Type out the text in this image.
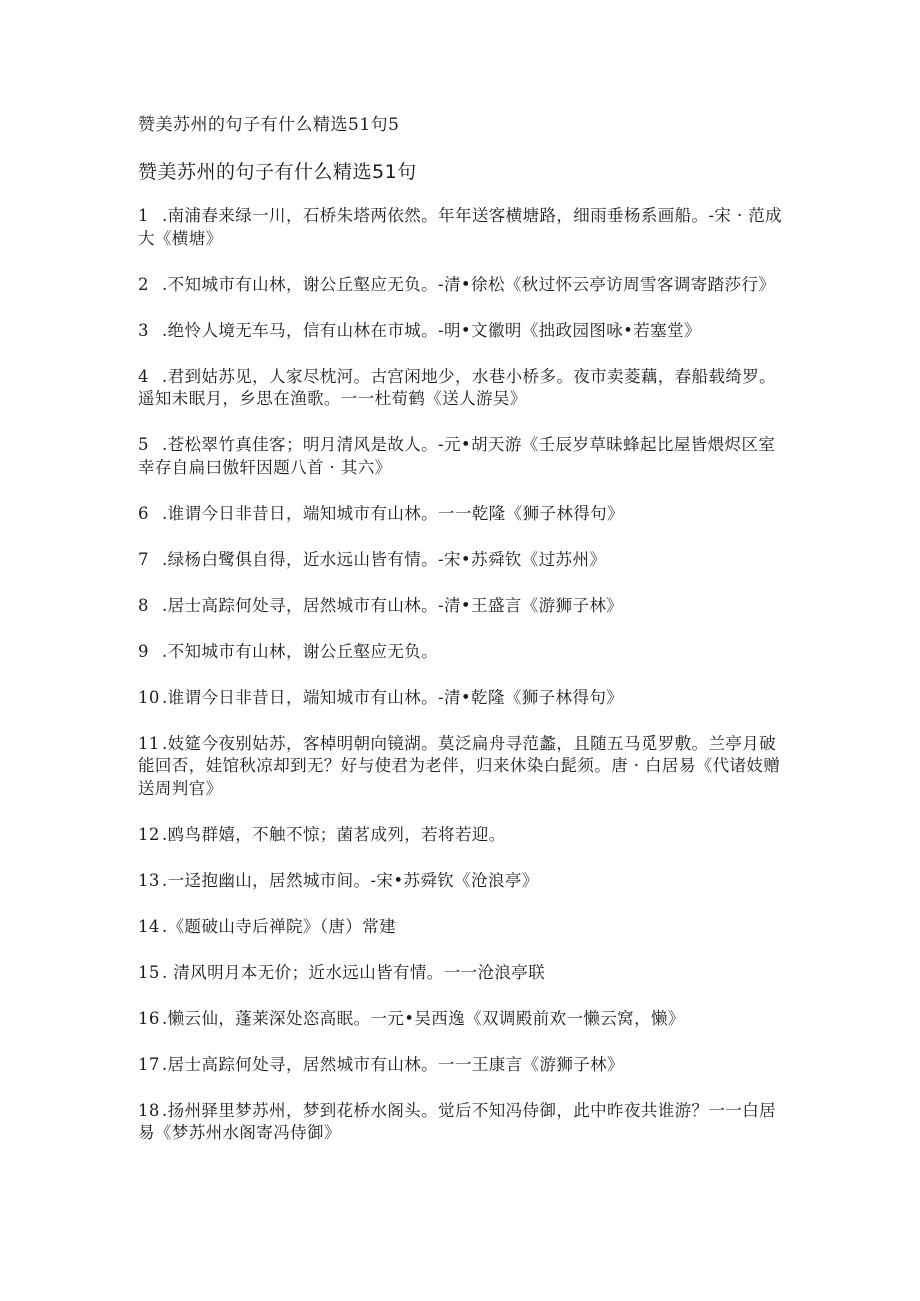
赞美苏州的句子有什么精选51句5
赞美苏州的句子有什么精选51句
1 .南浦春来绿一川，石桥朱塔两依然。年年送客横塘路，细雨垂杨系画船。-宋 · 范成大《横塘》
2 .不知城市有山林，谢公丘壑应无负。-清•徐松《秋过怀云亭访周雪客调寄踏莎行》
3 .绝怜人境无车马，信有山林在市城。-明•文徽明《拙政园图咏•若塞堂》
4 .君到姑苏见，人家尽枕河。古宫闲地少，水巷小桥多。夜市卖菱藕，春船载绮罗。遥知未眠月，乡思在渔歌。一一杜荀鹤《送人游吴》
5 .苍松翠竹真佳客；明月清风是故人。-元•胡天游《壬辰岁草昧蜂起比屋皆煨烬区室幸存自扁曰傲轩因题八首 · 其六》
6 .谁谓今日非昔日，端知城市有山林。一一乾隆《狮子林得句》
7 .绿杨白鹭俱自得，近水远山皆有情。-宋•苏舜钦《过苏州》
8 .居士高踪何处寻，居然城市有山林。-清•王盛言《游狮子林》
9 .不知城市有山林，谢公丘壑应无负。
10 .谁谓今日非昔日，端知城市有山林。-清•乾隆《狮子林得句》
11 .妓筵今夜别姑苏，客棹明朝向镜湖。莫泛扁舟寻范蠡，且随五马觅罗敷。兰亭月破能回否，娃馆秋凉却到无？好与使君为老伴，归来休染白髭须。唐 · 白居易《代诸妓赠送周判官》
12 .鸥鸟群嬉，不触不惊；菌茗成列，若将若迎。
13 .一迳抱幽山，居然城市间。-宋•苏舜钦《沧浪亭》
14 .《题破山寺后禅院》（唐）常建
15 . 清风明月本无价；近水远山皆有情。一一沧浪亭联
16 .懒云仙，蓬莱深处恣高眠。一元•吴西逸《双调殿前欢一懒云窝，懒》
17 .居士高踪何处寻，居然城市有山林。一一王康言《游狮子林》
18 .扬州驿里梦苏州，梦到花桥水阁头。觉后不知冯侍御，此中昨夜共谁游？一一白居易《梦苏州水阁寄冯侍御》
